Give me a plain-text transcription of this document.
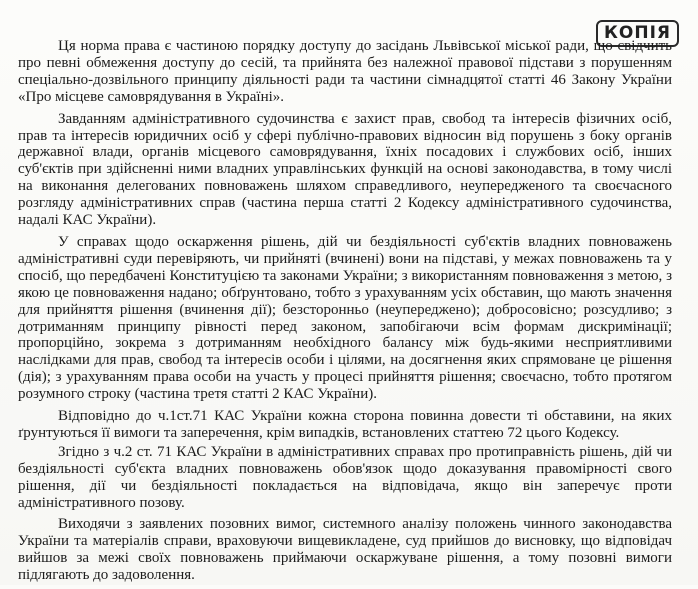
КОПІЯ

Ця норма права є частиною порядку доступу до засідань Львівської міської ради, що свідчить про певні обмеження доступу до сесій, та прийнята без належної правової підстави з порушенням спеціально-дозвільного принципу діяльності ради та частини сімнадцятої статті 46 Закону України «Про місцеве самоврядування в Україні».

Завданням адміністративного судочинства є захист прав, свобод та інтересів фізичних осіб, прав та інтересів юридичних осіб у сфері публічно-правових відносин від порушень з боку органів державної влади, органів місцевого самоврядування, їхніх посадових і службових осіб, інших суб'єктів при здійсненні ними владних управлінських функцій на основі законодавства, в тому числі на виконання делегованих повноважень шляхом справедливого, неупередженого та своєчасного розгляду адміністративних справ (частина перша статті 2 Кодексу адміністративного судочинства, надалі КАС України).

У справах щодо оскарження рішень, дій чи бездіяльності суб'єктів владних повноважень адміністративні суди перевіряють, чи прийняті (вчинені) вони на підставі, у межах повноважень та у спосіб, що передбачені Конституцією та законами України; з використанням повноваження з метою, з якою це повноваження надано; обґрунтовано, тобто з урахуванням усіх обставин, що мають значення для прийняття рішення (вчинення дії); безсторонньо (неупереджено); добросовісно; розсудливо; з дотриманням принципу рівності перед законом, запобігаючи всім формам дискримінації; пропорційно, зокрема з дотриманням необхідного балансу між будь-якими несприятливими наслідками для прав, свобод та інтересів особи і цілями, на досягнення яких спрямоване це рішення (дія); з урахуванням права особи на участь у процесі прийняття рішення; своєчасно, тобто протягом розумного строку (частина третя статті 2 КАС України).

Відповідно до ч.1ст.71 КАС України кожна сторона повинна довести ті обставини, на яких ґрунтуються її вимоги та заперечення, крім випадків, встановлених статтею 72 цього Кодексу.

Згідно з ч.2 ст. 71 КАС України в адміністративних справах про протиправність рішень, дій чи бездіяльності суб'єкта владних повноважень обов'язок щодо доказування правомірності свого рішення, дії чи бездіяльності покладається на відповідача, якщо він заперечує проти адміністративного позову.

Виходячи з заявлених позовних вимог, системного аналізу положень чинного законодавства України та матеріалів справи, враховуючи вищевикладене, суд прийшов до висновку, що відповідач вийшов за межі своїх повноважень приймаючи оскаржуване рішення, а тому позовні вимоги підлягають до задоволення.
